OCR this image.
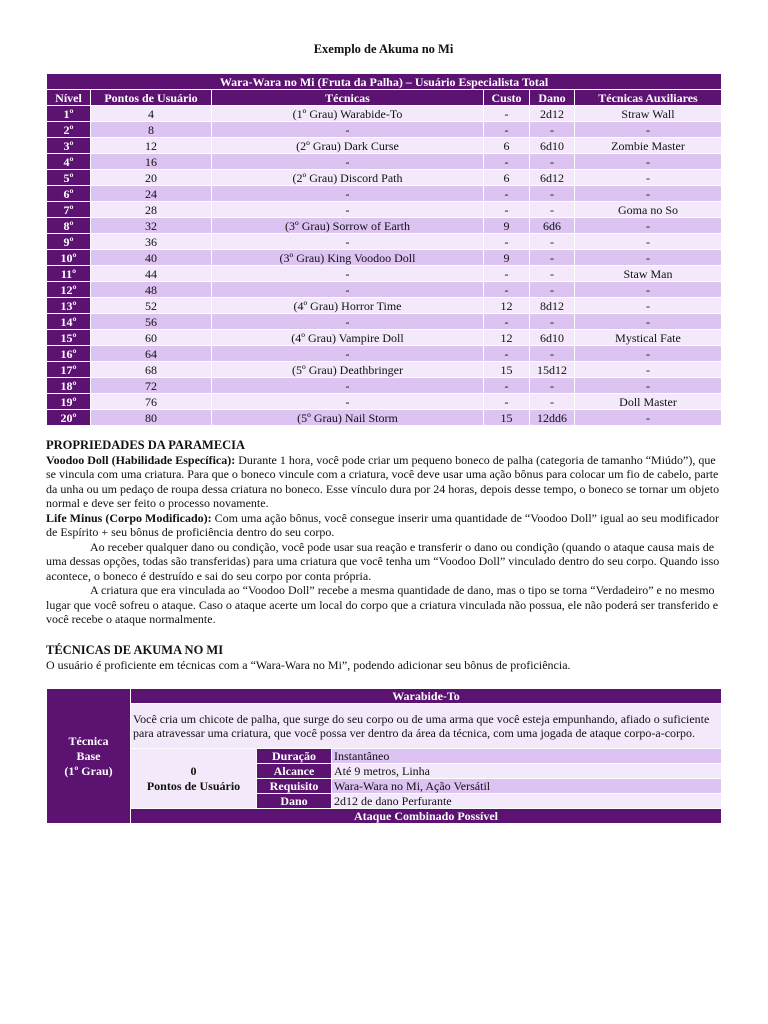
Exemplo de Akuma no Mi
Wara-Wara no Mi (Fruta da Palha) – Usuário Especialista Total					
Nível	Pontos de Usuário	Técnicas	Custo	Dano	Técnicas Auxiliares
1º	4	(1º Grau) Warabide-To	-	2d12	Straw Wall
2º	8	-	-	-	-
3º	12	(2º Grau) Dark Curse	6	6d10	Zombie Master
4º	16	-	-	-	-
5º	20	(2º Grau) Discord Path	6	6d12	-
6º	24	-	-	-	-
7º	28	-	-	-	Goma no So
8º	32	(3º Grau) Sorrow of Earth	9	6d6	-
9º	36	-	-	-	-
10º	40	(3º Grau) King Voodoo Doll	9	-	-
11º	44	-	-	-	Staw Man
12º	48	-	-	-	-
13º	52	(4º Grau) Horror Time	12	8d12	-
14º	56	-	-	-	-
15º	60	(4º Grau) Vampire Doll	12	6d10	Mystical Fate
16º	64	-	-	-	-
17º	68	(5º Grau) Deathbringer	15	15d12	-
18º	72	-	-	-	-
19º	76	-	-	-	Doll Master
20º	80	(5º Grau) Nail Storm	15	12dd6	-
PROPRIEDADES DA PARAMECIA

Voodoo Doll (Habilidade Específica): Durante 1 hora, você pode criar um pequeno boneco de palha (categoria de tamanho “Miúdo”), que se vincula com uma criatura. Para que o boneco vincule com a criatura, você deve usar uma ação bônus para colocar um fio de cabelo, parte da unha ou um pedaço de roupa dessa criatura no boneco. Esse vínculo dura por 24 horas, depois desse tempo, o boneco se tornar um objeto normal e deve ser feito o processo novamente.

Life Minus (Corpo Modificado): Com uma ação bônus, você consegue inserir uma quantidade de “Voodoo Doll” igual ao seu modificador de Espírito + seu bônus de proficiência dentro do seu corpo.

Ao receber qualquer dano ou condição, você pode usar sua reação e transferir o dano ou condição (quando o ataque causa mais de uma dessas opções, todas são transferidas) para uma criatura que você tenha um “Voodoo Doll” vinculado dentro do seu corpo. Quando isso acontece, o boneco é destruído e sai do seu corpo por conta própria.

A criatura que era vinculada ao “Voodoo Doll” recebe a mesma quantidade de dano, mas o tipo se torna “Verdadeiro” e no mesmo lugar que você sofreu o ataque. Caso o ataque acerte um local do corpo que a criatura vinculada não possua, ele não poderá ser transferido e você recebe o ataque normalmente.

TÉCNICAS DE AKUMA NO MI

O usuário é proficiente em técnicas com a “Wara-Wara no Mi”, podendo adicionar seu bônus de proficiência.

Técnica
Base
(1º Grau)	Warabide-To		
	Você cria um chicote de palha, que surge do seu corpo ou de uma arma que você esteja empunhando, afiado o suficiente para atravessar uma criatura, que você possa ver dentro da área da técnica, com uma jogada de ataque corpo-a-corpo.		

	0
Pontos de Usuário	Duração	Instantâneo
		Alcance	Até 9 metros, Linha
		Requisito	Wara-Wara no Mi, Ação Versátil
		Dano	2d12 de dano Perfurante
	Ataque Combinado Possível		
